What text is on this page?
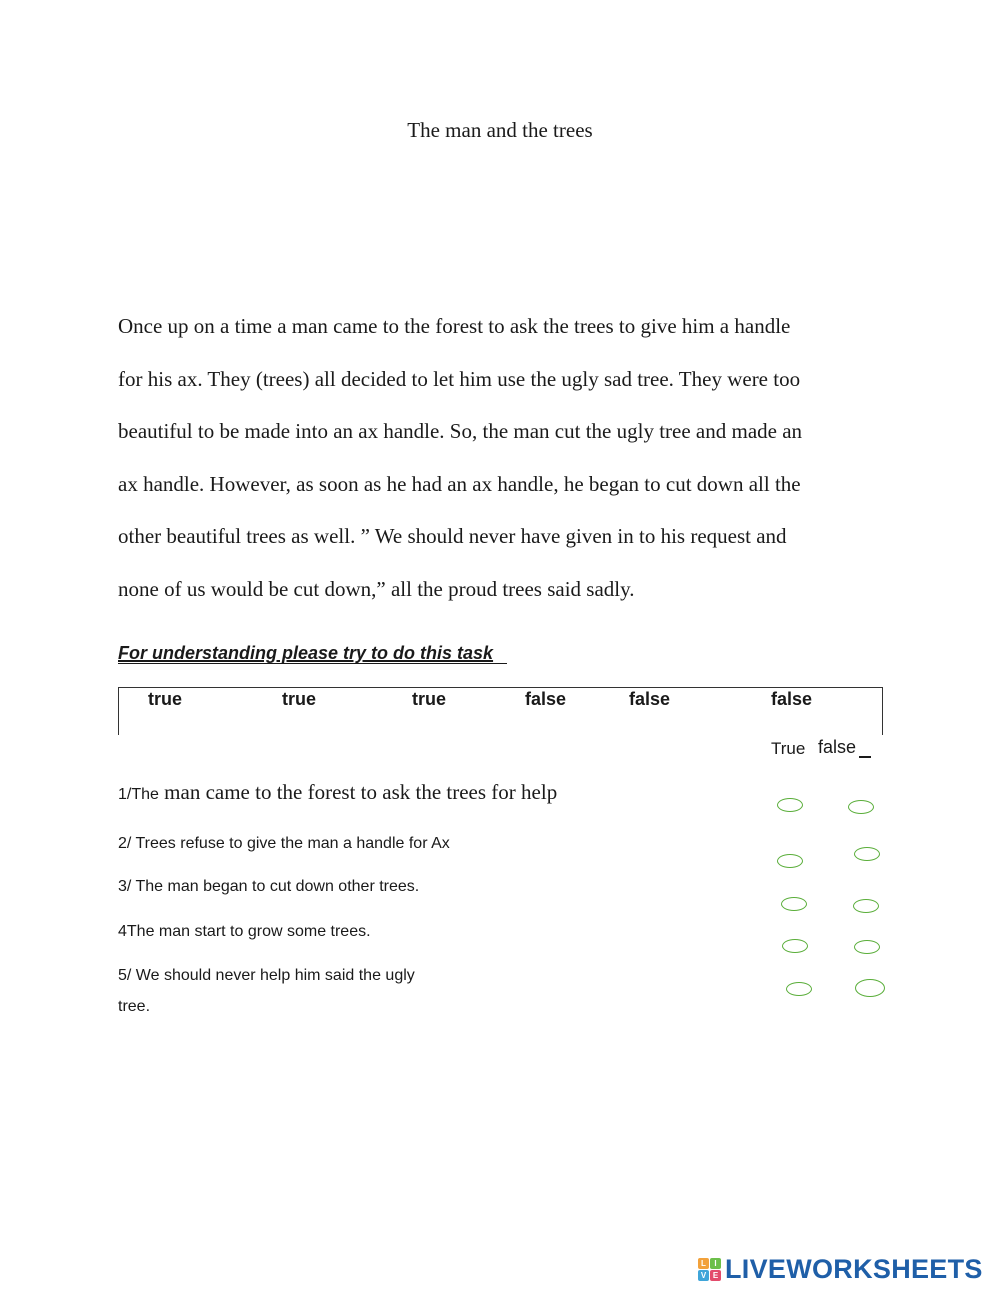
The man and the trees
Once up on a time a man came to the forest to ask the trees to give him a handle
for his ax. They (trees) all decided to let him use the ugly sad tree. They were too
beautiful to be made into an ax handle. So, the man cut the ugly tree and made an
ax handle. However, as soon as he had an ax handle, he began to cut down all the
other beautiful trees as well. ” We should never have given in to his request and
none of us would be cut down,” all the proud trees said sadly.
For understanding please try to do this task
true	true	true	false	false	false
True false
1/The man came to the forest to ask the trees for help
2/ Trees refuse to give the man a handle for Ax
3/ The man began to cut down other trees.
4The man start to grow some trees.
5/ We should never help him said the ugly
tree.
L	I
V E LIVEWORKSHEETS
